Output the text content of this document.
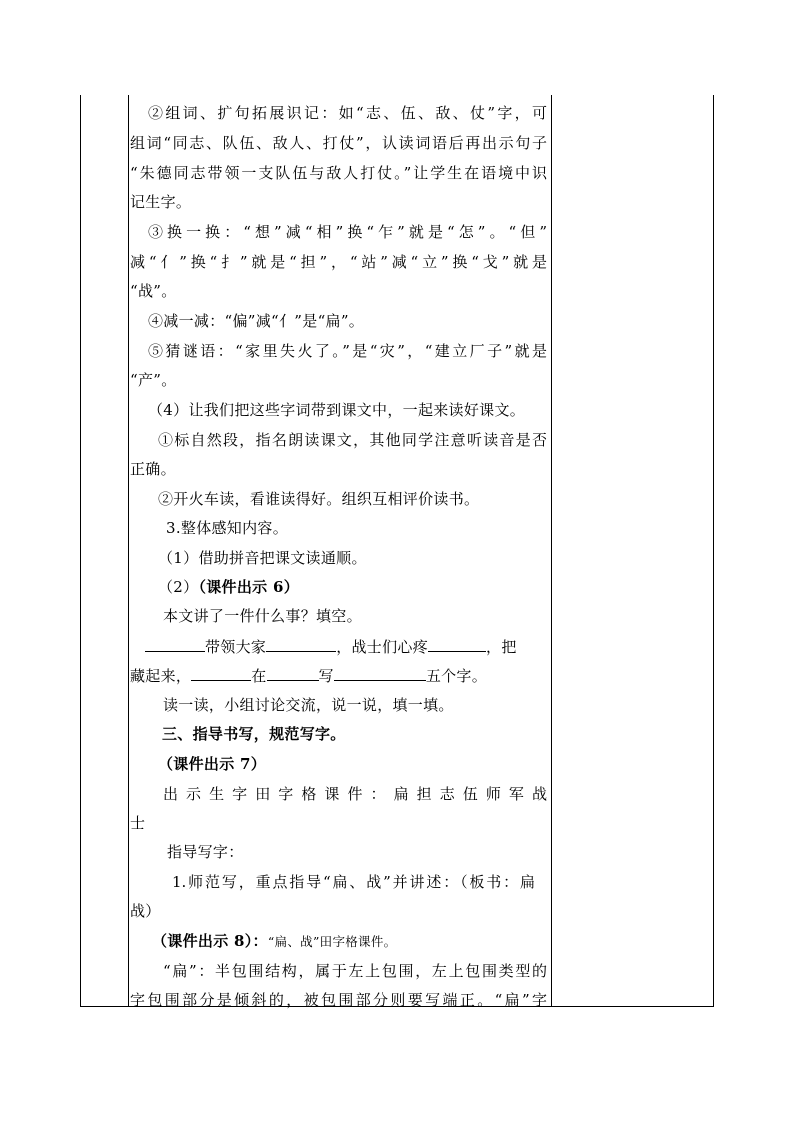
②组词、扩句拓展识记：如“志、伍、敌、仗”字，可
组词“同志、队伍、敌人、打仗”，认读词语后再出示句子
“朱德同志带领一支队伍与敌人打仗。”让学生在语境中识
记生字。
③换一换：“想”减“相”换“乍”就是“怎”。“但”
减“亻”换“扌”就是“担”，“站”减“立”换“戈”就是
“战”。
④减一减：“偏”减“亻”是“扁”。
⑤猜谜语：“家里失火了。”是“灾”，“建立厂子”就是
“产”。
（4）让我们把这些字词带到课文中，一起来读好课文。
①标自然段，指名朗读课文，其他同学注意听读音是否
正确。
②开火车读，看谁读得好。组织互相评价读书。
3.整体感知内容。
（1）借助拼音把课文读通顺。
（2）（课件出示 6）
本文讲了一件什么事？填空。
带领大家	，战士们心疼	，把
藏起来，	在	写	五个字。
读一读，小组讨论交流，说一说，填一填。
三、指导书写，规范写字。
（课件出示 7）
出示生字田字格课件：扁担志伍师军战
士
指导写字：
1.师范写，重点指导“扁、战”并讲述：（板书：扁
战）
（课件出示 8）：“扁、战”田字格课件。
“扁”：半包围结构，属于左上包围，左上包围类型的
字包围部分是倾斜的，被包围部分则要写端正。“扁”字
